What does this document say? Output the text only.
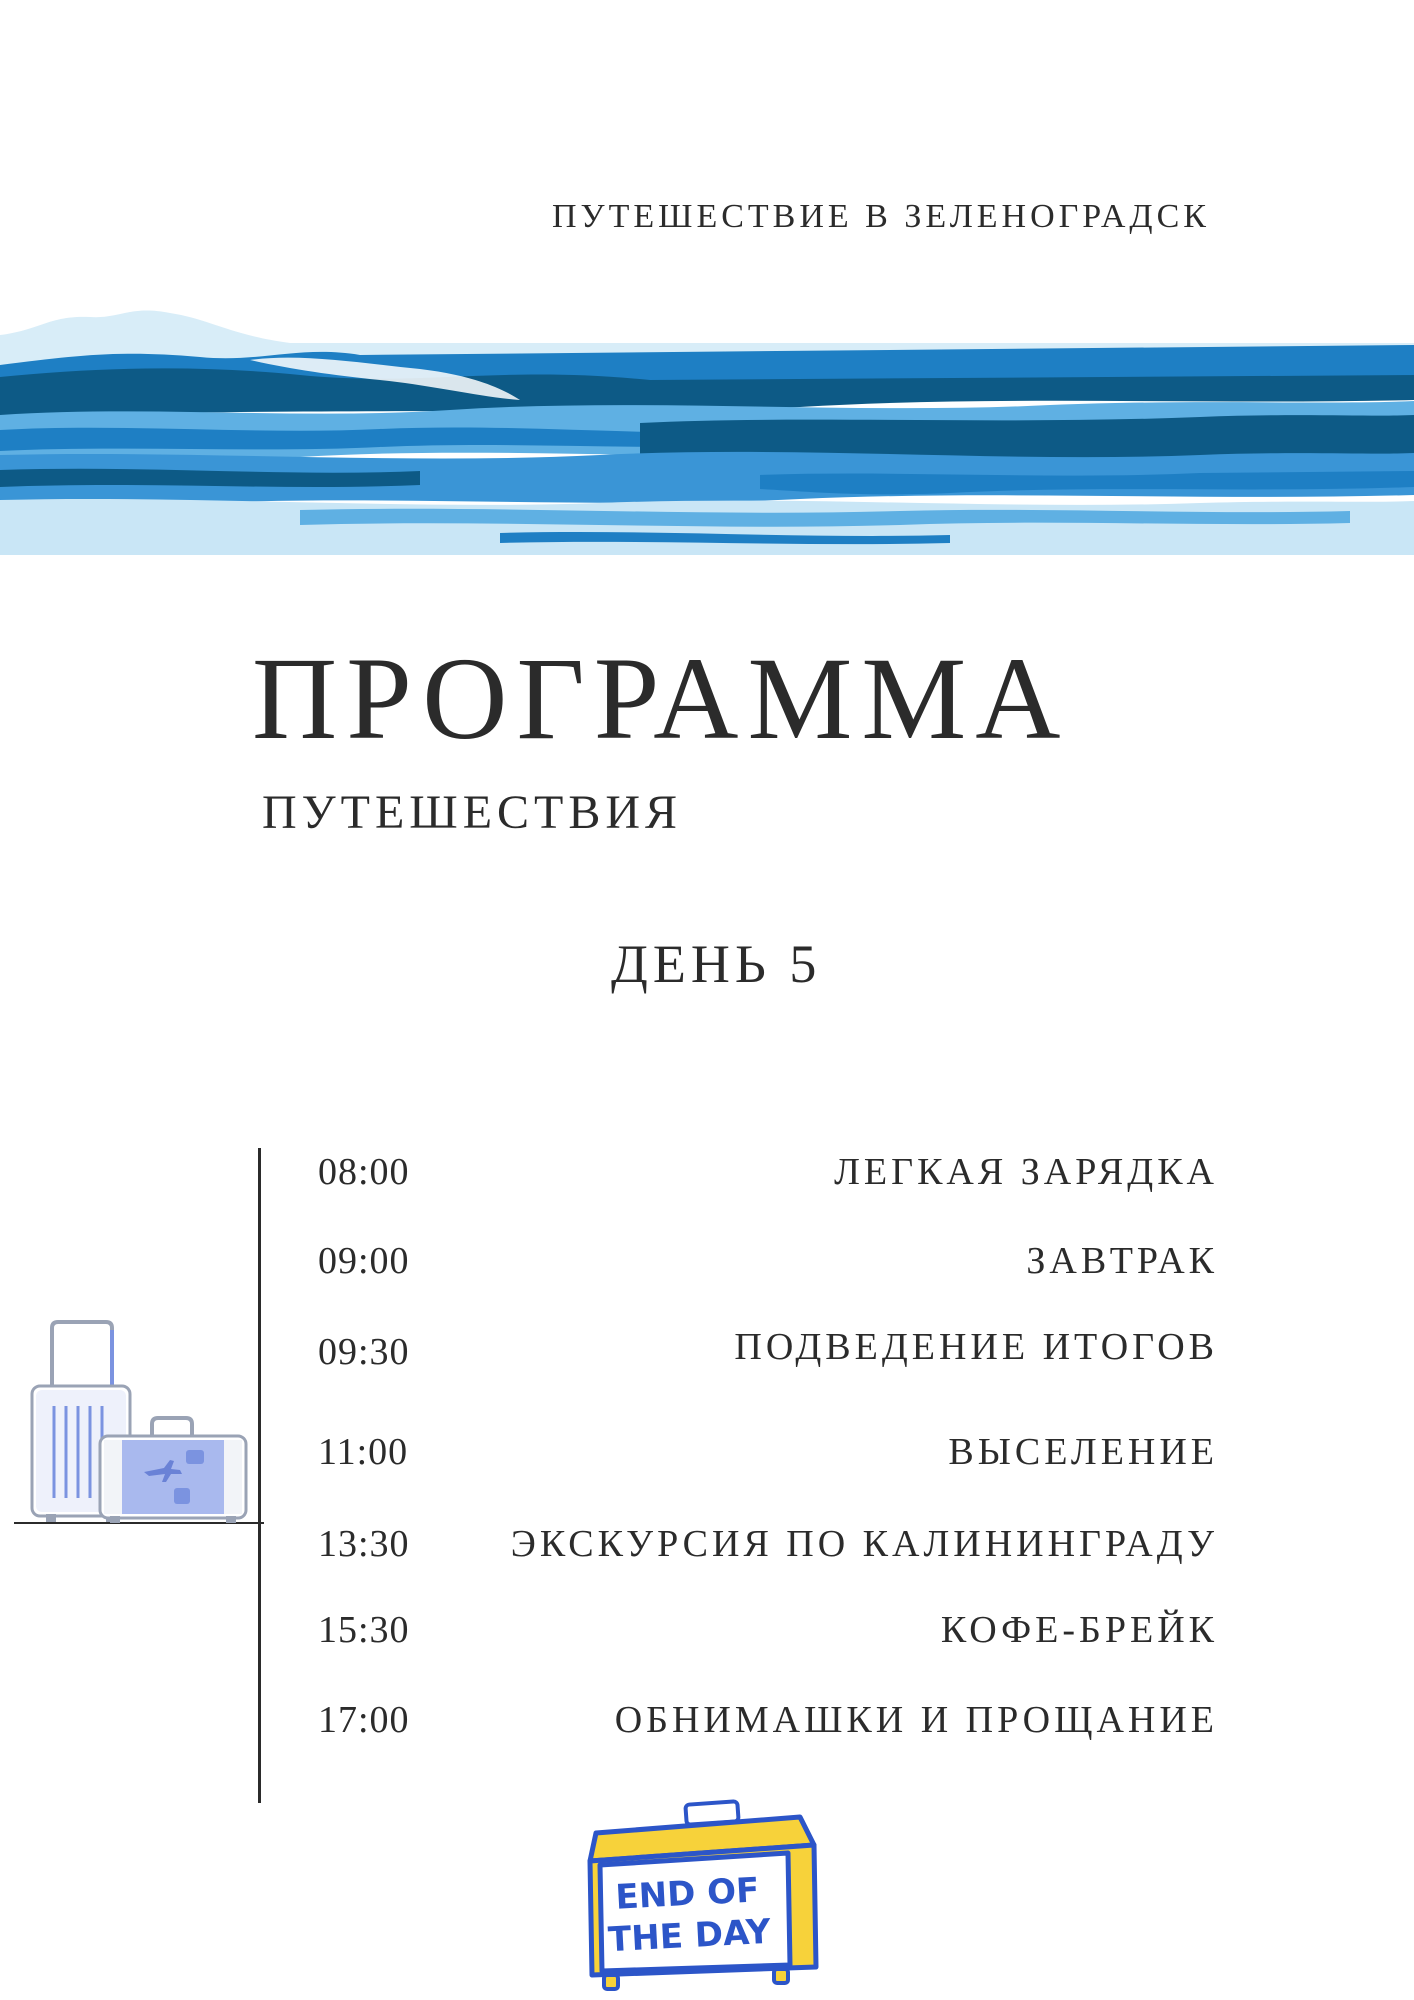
ПУТЕШЕСТВИЕ В ЗЕЛЕНОГРАДСК
ПРОГРАММА
ПУТЕШЕСТВИЯ
ДЕНЬ 5
08:00	ЛЕГКАЯ ЗАРЯДКА
09:00	ЗАВТРАК
09:30	ПОДВЕДЕНИЕ ИТОГОВ
11:00	ВЫСЕЛЕНИЕ
13:30	ЭКСКУРСИЯ ПО КАЛИНИНГРАДУ
15:30	КОФЕ-БРЕЙК
17:00	ОБНИМАШКИ И ПРОЩАНИЕ
END OF
THE DAY
